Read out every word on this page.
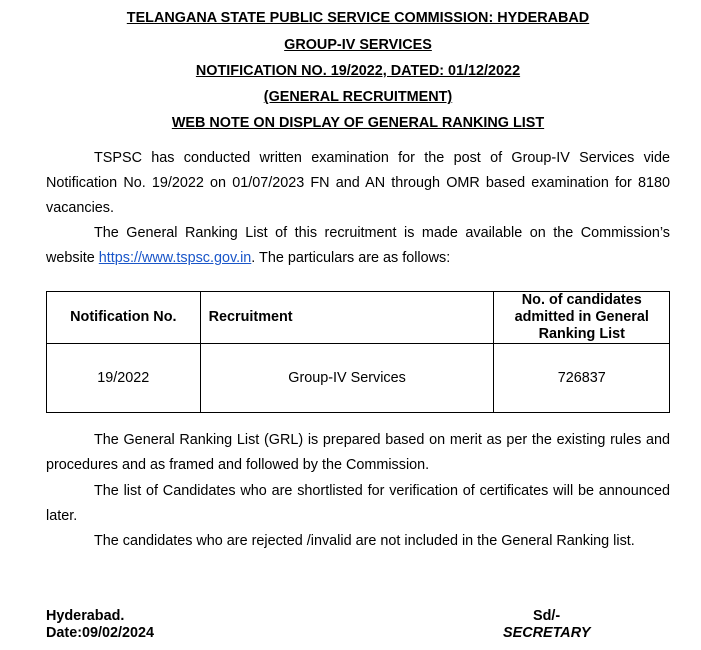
TELANGANA STATE PUBLIC SERVICE COMMISSION: HYDERABAD
GROUP-IV SERVICES
NOTIFICATION NO. 19/2022, DATED: 01/12/2022
(GENERAL RECRUITMENT)
WEB NOTE ON DISPLAY OF GENERAL RANKING LIST
TSPSC has conducted written examination for the post of Group-IV Services vide Notification No. 19/2022 on 01/07/2023 FN and AN through OMR based examination for 8180 vacancies.
The General Ranking List of this recruitment is made available on the Commission’s website https://www.tspsc.gov.in. The particulars are as follows:
Notification No.	Recruitment	No. of candidates admitted in General Ranking List
19/2022	Group-IV Services	726837
The General Ranking List (GRL) is prepared based on merit as per the existing rules and procedures and as framed and followed by the Commission.
The list of Candidates who are shortlisted for verification of certificates will be announced later.
The candidates who are rejected /invalid are not included in the General Ranking list.
Hyderabad.
Date:09/02/2024
Sd/-
SECRETARY
